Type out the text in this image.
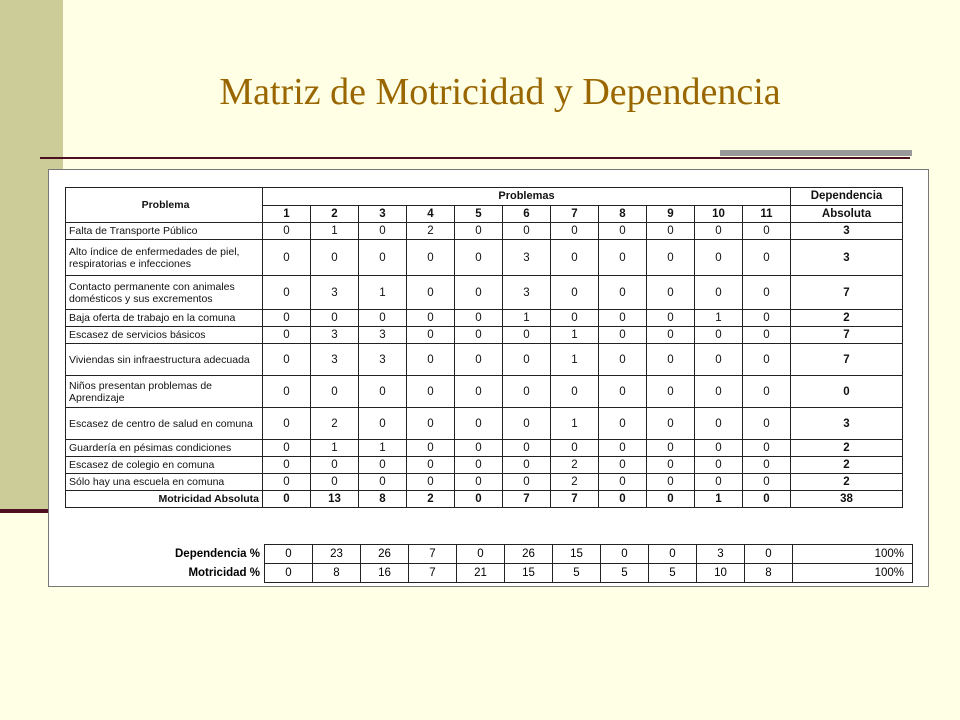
Matriz de Motricidad y Dependencia
Problema	Problemas											Dependencia
	1	2	3	4	5	6	7	8	9	10	11	Absoluta
Falta de Transporte Público	0	1	0	2	0	0	0	0	0	0	0	3
Alto índice de enfermedades de piel, respiratorias e infecciones	0	0	0	0	0	3	0	0	0	0	0	3
Contacto permanente con animales domésticos y sus excrementos	0	3	1	0	0	3	0	0	0	0	0	7
Baja oferta de trabajo en la comuna	0	0	0	0	0	1	0	0	0	1	0	2
Escasez de servicios básicos	0	3	3	0	0	0	1	0	0	0	0	7
Viviendas sin infraestructura adecuada	0	3	3	0	0	0	1	0	0	0	0	7
Niños presentan problemas de Aprendizaje	0	0	0	0	0	0	0	0	0	0	0	0
Escasez de centro de salud en comuna	0	2	0	0	0	0	1	0	0	0	0	3
Guardería en pésimas condiciones	0	1	1	0	0	0	0	0	0	0	0	2
Escasez de colegio en comuna	0	0	0	0	0	0	2	0	0	0	0	2
Sólo hay una escuela en comuna	0	0	0	0	0	0	2	0	0	0	0	2
Motricidad Absoluta	0	13	8	2	0	7	7	0	0	1	0	38
Dependencia %	0	23	26	7	0	26	15	0	0	3	0	100%
Motricidad %	0	8	16	7	21	15	5	5	5	10	8	100%
